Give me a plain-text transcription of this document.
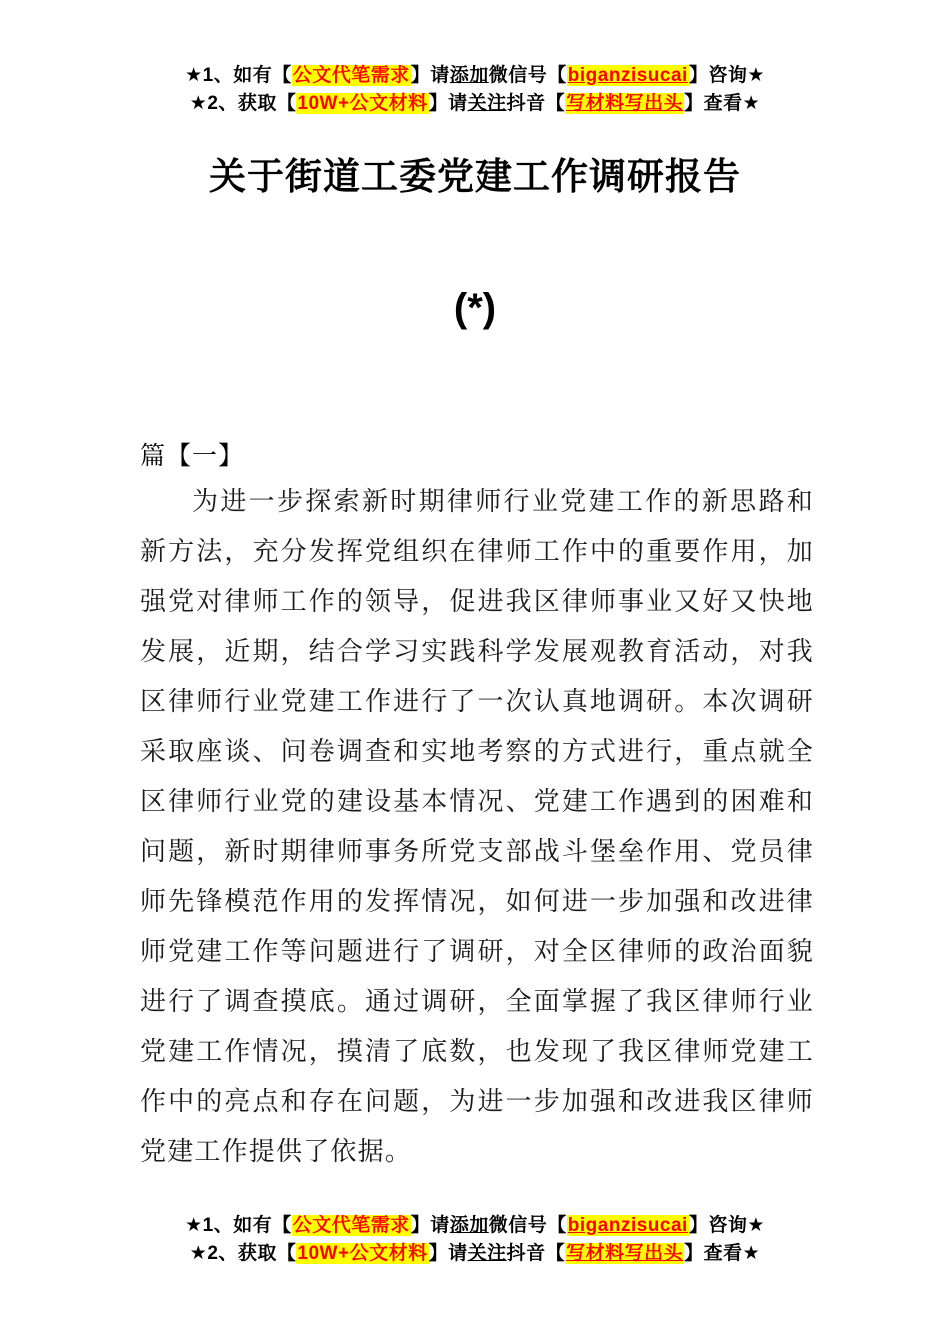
★1、如有【公文代笔需求】请添加微信号【biganzisucai】咨询★
★2、获取【10W+公文材料】请关注抖音【写材料写出头】查看★
关于街道工委党建工作调研报告
(*)
篇【一】

为进一步探索新时期律师行业党建工作的新思路和新方法，充分发挥党组织在律师工作中的重要作用，加强党对律师工作的领导，促进我区律师事业又好又快地发展，近期，结合学习实践科学发展观教育活动，对我区律师行业党建工作进行了一次认真地调研。本次调研采取座谈、问卷调查和实地考察的方式进行，重点就全区律师行业党的建设基本情况、党建工作遇到的困难和问题，新时期律师事务所党支部战斗堡垒作用、党员律师先锋模范作用的发挥情况，如何进一步加强和改进律师党建工作等问题进行了调研，对全区律师的政治面貌进行了调查摸底。通过调研，全面掌握了我区律师行业党建工作情况，摸清了底数，也发现了我区律师党建工作中的亮点和存在问题，为进一步加强和改进我区律师党建工作提供了依据。

★1、如有【公文代笔需求】请添加微信号【biganzisucai】咨询★
★2、获取【10W+公文材料】请关注抖音【写材料写出头】查看★
